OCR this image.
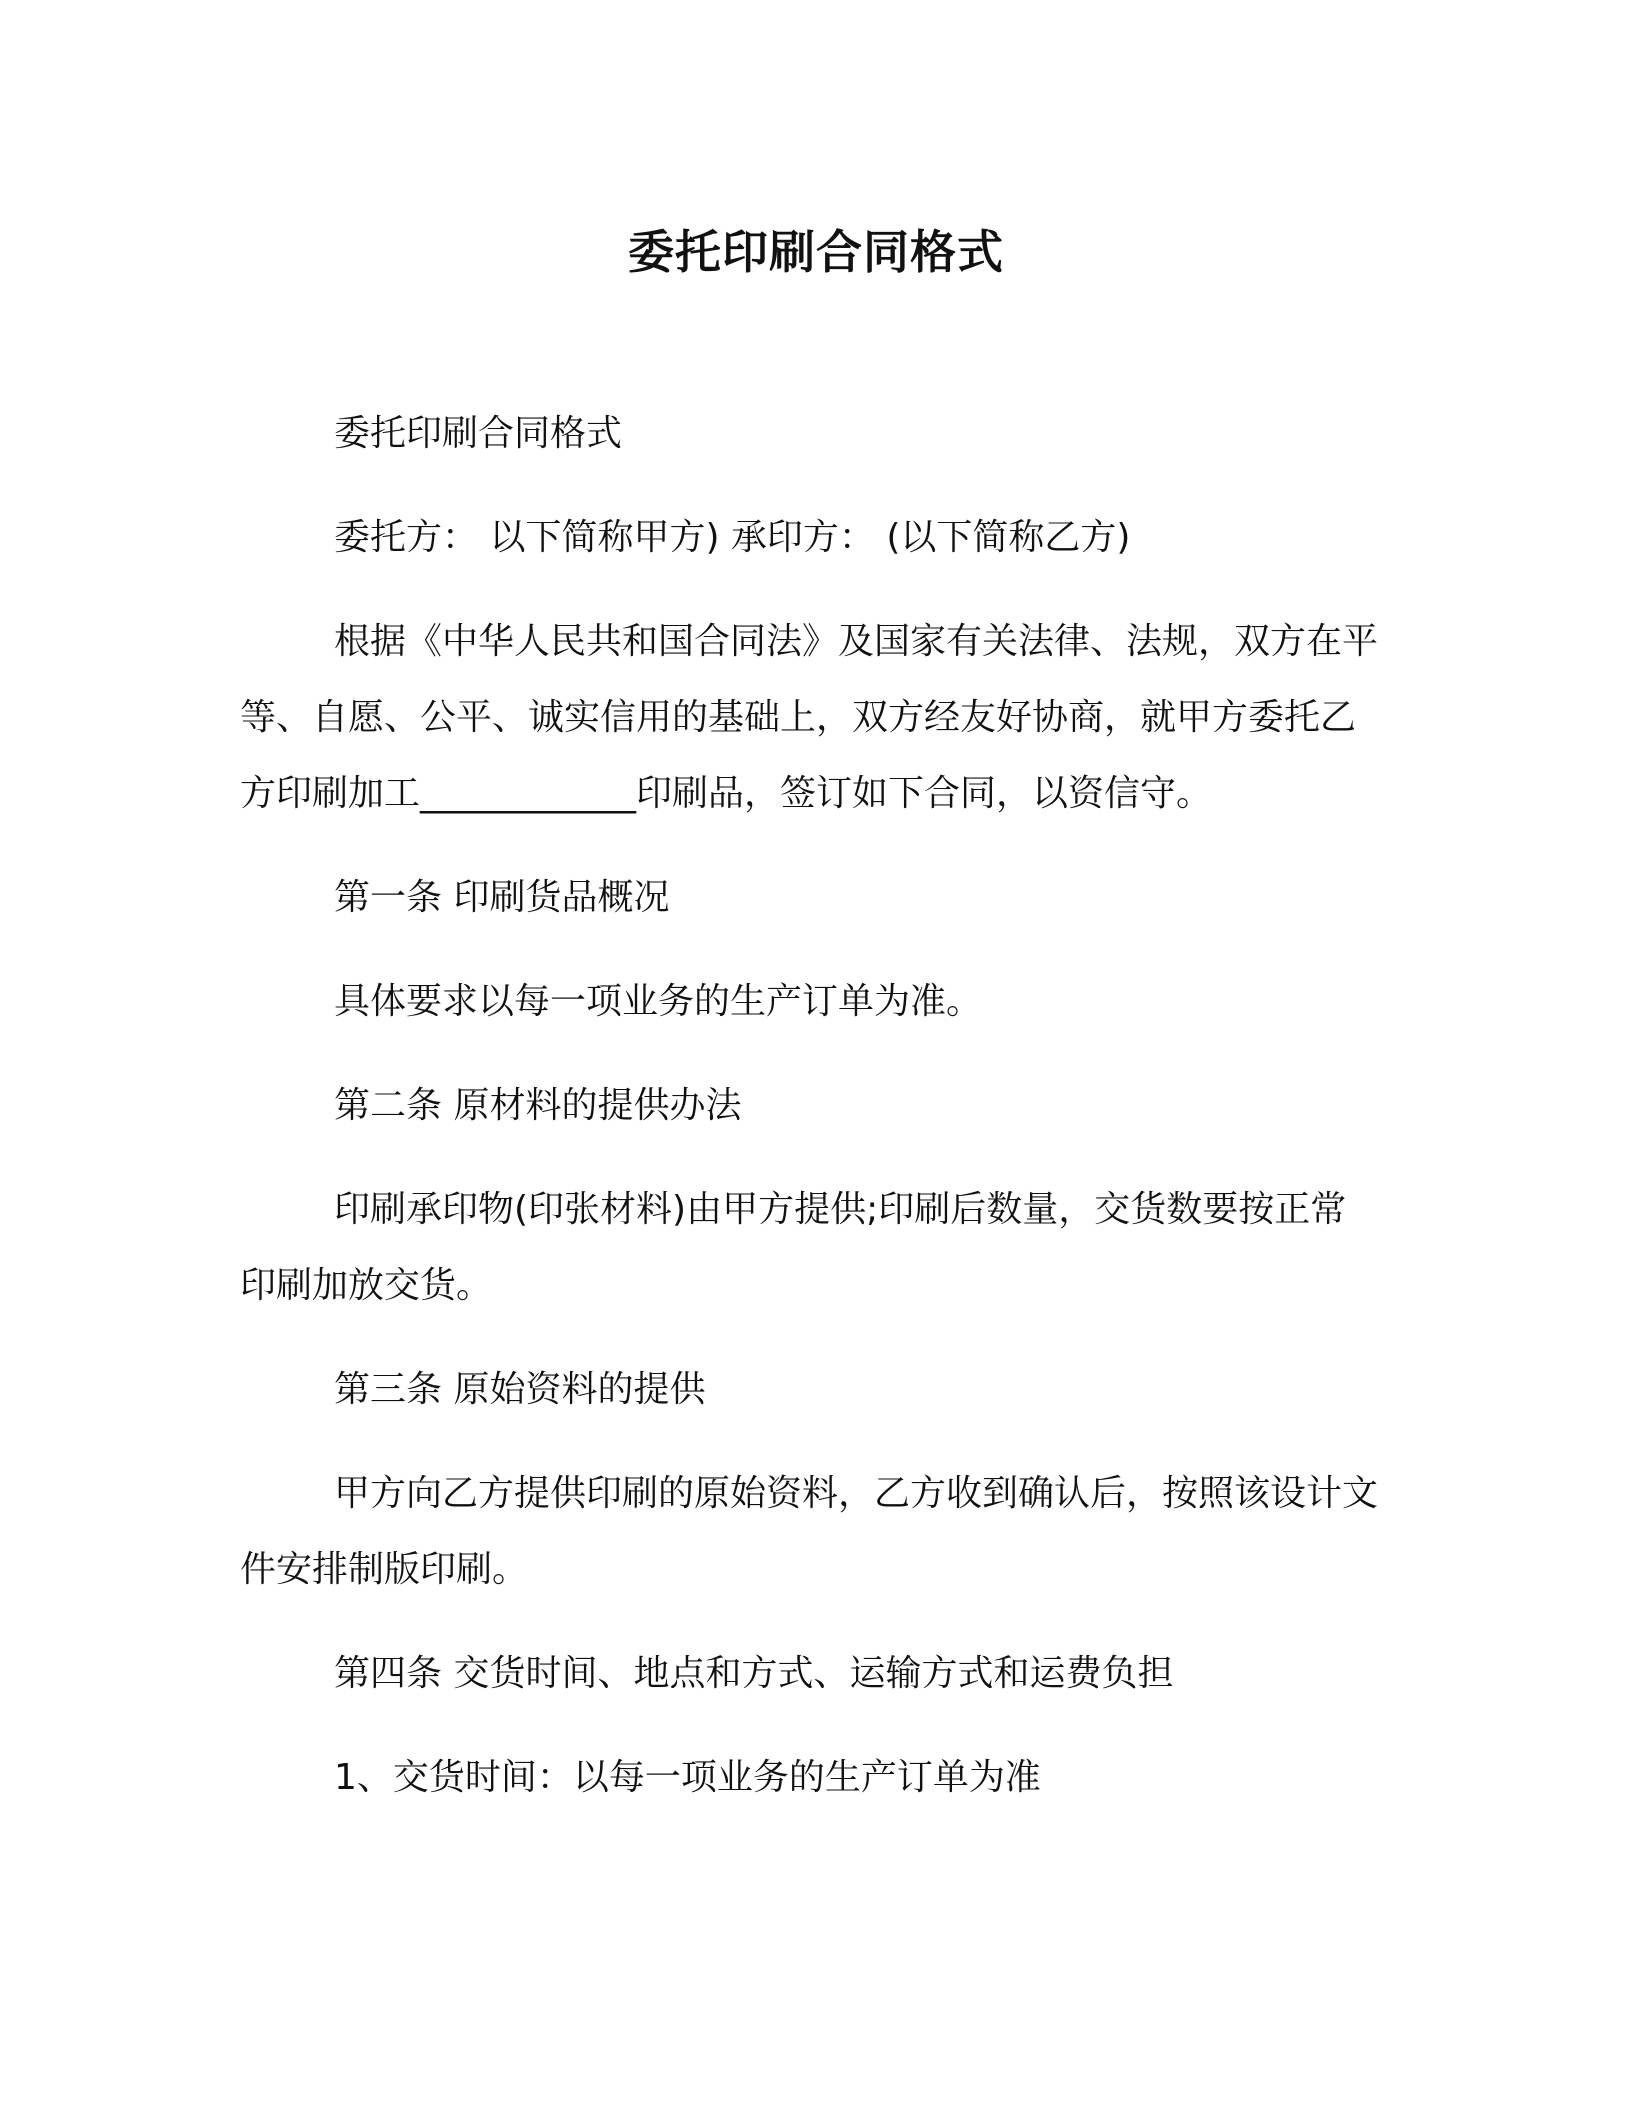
委托印刷合同格式

委托印刷合同格式

委托方： 以下简称甲方) 承印方： (以下简称乙方)

根据《中华人民共和国合同法》及国家有关法律、法规，双方在平等、自愿、公平、诚实信用的基础上，双方经友好协商，就甲方委托乙方印刷加工____________印刷品，签订如下合同，以资信守。

第一条 印刷货品概况

具体要求以每一项业务的生产订单为准。

第二条 原材料的提供办法

印刷承印物(印张材料)由甲方提供;印刷后数量，交货数要按正常印刷加放交货。

第三条 原始资料的提供

甲方向乙方提供印刷的原始资料，乙方收到确认后，按照该设计文件安排制版印刷。

第四条 交货时间、地点和方式、运输方式和运费负担

1、交货时间：以每一项业务的生产订单为准
